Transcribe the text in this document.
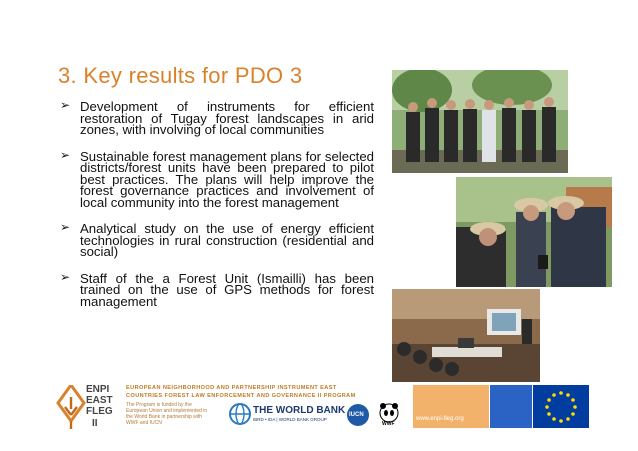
3. Key results for PDO 3
➢ Development of instruments for efficient restoration of Tugay forest landscapes in arid zones, with involving of local communities
➢ Sustainable forest management plans for selected districts/forest units have been prepared to pilot best practices. The plans will help improve the forest governance practices and involvement of local community into the forest management
➢ Analytical study on the use of energy efficient technologies in rural construction (residential and social)
➢ Staff of the a Forest Unit (Ismailli) has been trained on the use of GPS methods for forest management
ENPI
EAST
FLEG
II
EUROPEAN NEIGHBORHOOD AND PARTNERSHIP INSTRUMENT EAST
COUNTRIES FOREST LAW ENFORCEMENT AND GOVERNANCE II PROGRAM
The Program is funded by the
European Union and implemented in
the World Bank in partnership with
WWF and IUCN
THE WORLD BANK
IBRD • IDA | WORLD BANK GROUP
IUCN
WWF
www.enpi-fleg.org
